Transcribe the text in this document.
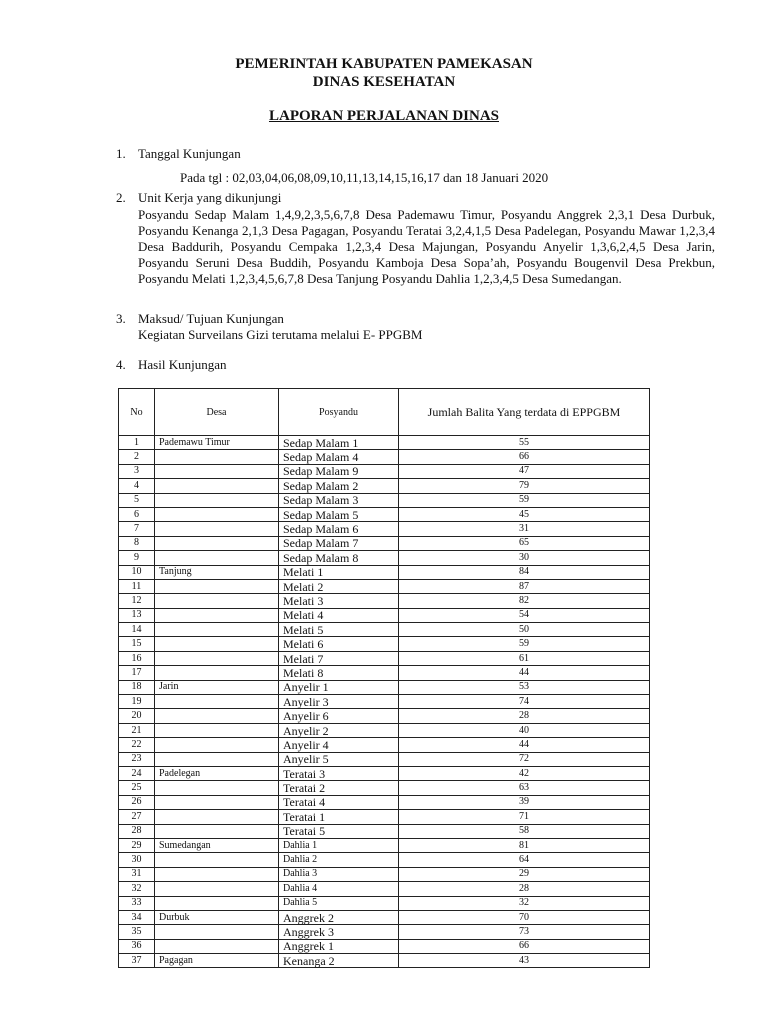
PEMERINTAH KABUPATEN PAMEKASAN
DINAS KESEHATAN
LAPORAN PERJALANAN DINAS
1. Tanggal Kunjungan
Pada tgl : 02,03,04,06,08,09,10,11,13,14,15,16,17 dan 18 Januari 2020
2. Unit Kerja yang dikunjungi
Posyandu Sedap Malam 1,4,9,2,3,5,6,7,8 Desa Pademawu Timur, Posyandu Anggrek 2,3,1 Desa Durbuk, Posyandu Kenanga 2,1,3 Desa Pagagan, Posyandu Teratai 3,2,4,1,5 Desa Padelegan, Posyandu Mawar 1,2,3,4 Desa Baddurih, Posyandu Cempaka 1,2,3,4 Desa Majungan, Posyandu Anyelir 1,3,6,2,4,5 Desa Jarin, Posyandu Seruni Desa Buddih, Posyandu Kamboja Desa Sopa’ah, Posyandu Bougenvil Desa Prekbun, Posyandu Melati 1,2,3,4,5,6,7,8 Desa Tanjung Posyandu Dahlia 1,2,3,4,5 Desa Sumedangan.
3. Maksud/ Tujuan Kunjungan
Kegiatan Surveilans Gizi terutama melalui E- PPGBM
4. Hasil Kunjungan
No	Desa	Posyandu	Jumlah Balita Yang terdata di EPPGBM
1	Pademawu Timur	Sedap Malam 1	55
2		Sedap Malam 4	66
3		Sedap Malam 9	47
4		Sedap Malam 2	79
5		Sedap Malam 3	59
6		Sedap Malam 5	45
7		Sedap Malam 6	31
8		Sedap Malam 7	65
9		Sedap Malam 8	30
10	Tanjung	Melati 1	84
11		Melati 2	87
12		Melati 3	82
13		Melati 4	54
14		Melati 5	50
15		Melati 6	59
16		Melati 7	61
17		Melati 8	44
18	Jarin	Anyelir 1	53
19		Anyelir 3	74
20		Anyelir 6	28
21		Anyelir 2	40
22		Anyelir 4	44
23		Anyelir 5	72
24	Padelegan	Teratai 3	42
25		Teratai 2	63
26		Teratai 4	39
27		Teratai 1	71
28		Teratai 5	58
29	Sumedangan	Dahlia 1	81
30		Dahlia 2	64
31		Dahlia 3	29
32		Dahlia 4	28
33		Dahlia 5	32
34	Durbuk	Anggrek 2	70
35		Anggrek 3	73
36		Anggrek 1	66
37	Pagagan	Kenanga 2	43
